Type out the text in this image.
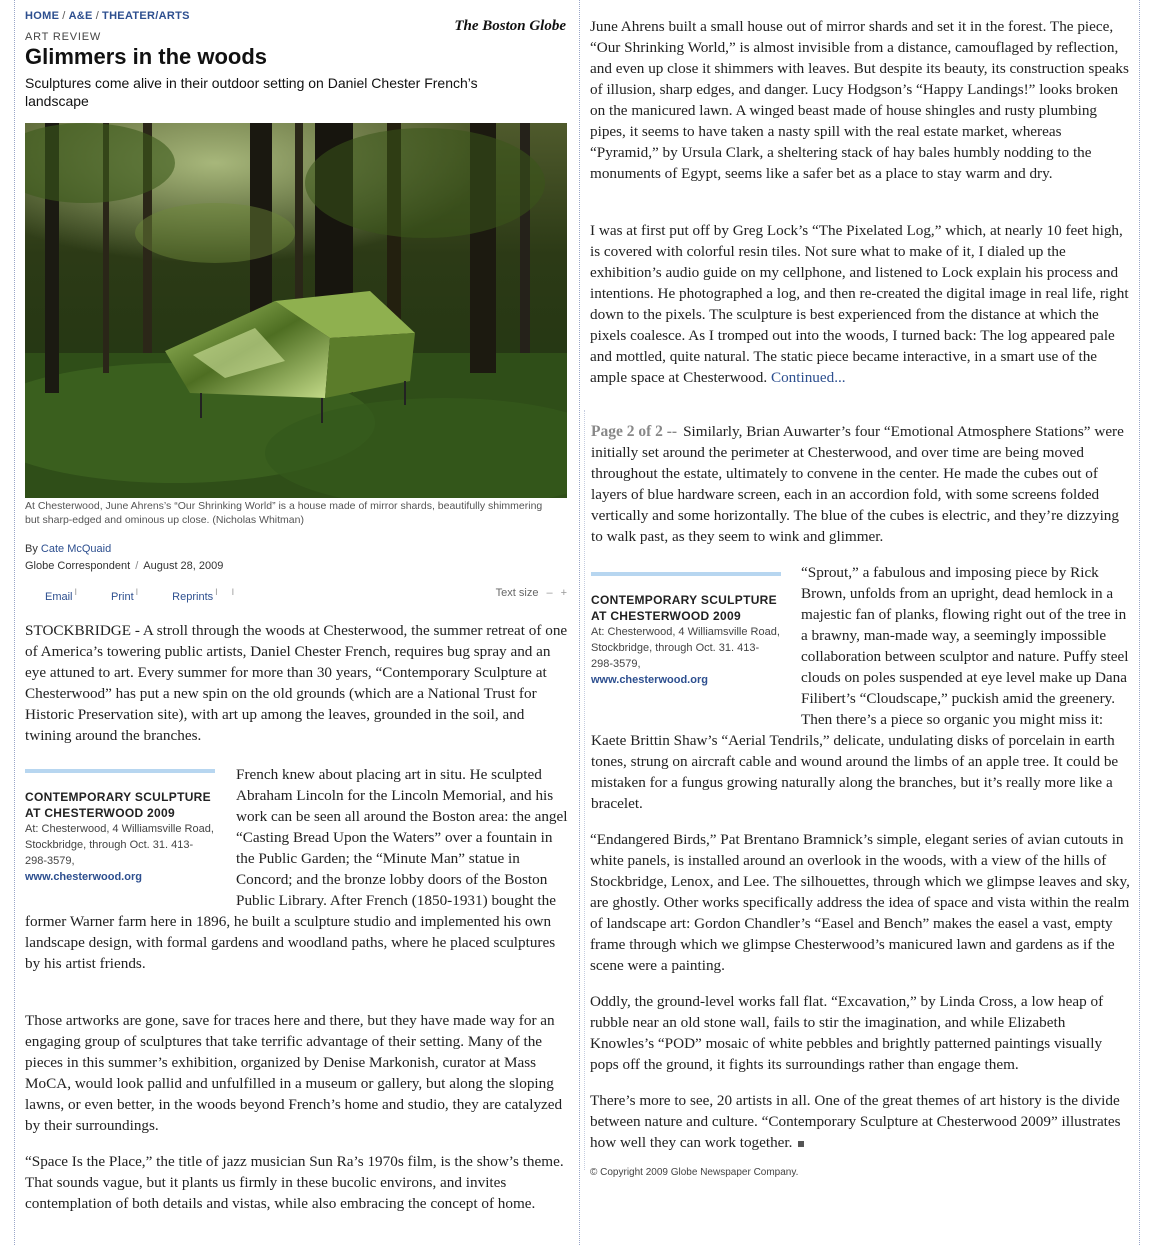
HOME / A&E / THEATER/ARTS
The Boston Globe
ART REVIEW
Glimmers in the woods
Sculptures come alive in their outdoor setting on Daniel Chester French’s landscape
At Chesterwood, June Ahrens’s “Our Shrinking World” is a house made of mirror shards, beautifully shimmering but sharp-edged and ominous up close. (Nicholas Whitman)
By Cate McQuaid
Globe Correspondent / August 28, 2009
Email $^I$	Print $^I$	Reprints $^I$ $^I$	Text size – +

STOCKBRIDGE - A stroll through the woods at Chesterwood, the summer retreat of one of America’s towering public artists, Daniel Chester French, requires bug spray and an eye attuned to art. Every summer for more than 30 years, “Contemporary Sculpture at Chesterwood” has put a new spin on the old grounds (which are a National Trust for Historic Preservation site), with art up among the leaves, grounded in the soil, and twining around the branches.

French knew about placing art in situ. He sculpted Abraham Lincoln for the Lincoln Memorial, and his work can be seen all around the Boston area: the angel “Casting Bread Upon the Waters” over a fountain in the Public Garden; the “Minute Man” statue in Concord; and the bronze lobby doors of the Boston Public Library. After French (1850-1931) bought the former Warner farm here in 1896, he built a sculpture studio and implemented his own landscape design, with formal gardens and woodland paths, where he placed sculptures by his artist friends.
CONTEMPORARY SCULPTURE AT CHESTERWOOD 2009
At: Chesterwood, 4 Williamsville Road, Stockbridge, through Oct. 31. 413-298-3579,
www.chesterwood.org

Those artworks are gone, save for traces here and there, but they have made way for an engaging group of sculptures that take terrific advantage of their setting. Many of the pieces in this summer’s exhibition, organized by Denise Markonish, curator at Mass MoCA, would look pallid and unfulfilled in a museum or gallery, but along the sloping lawns, or even better, in the woods beyond French’s home and studio, they are catalyzed by their surroundings.

“Space Is the Place,” the title of jazz musician Sun Ra’s 1970s film, is the show’s theme. That sounds vague, but it plants us firmly in these bucolic environs, and invites contemplation of both details and vistas, while also embracing the concept of home.

June Ahrens built a small house out of mirror shards and set it in the forest. The piece, “Our Shrinking World,” is almost invisible from a distance, camouflaged by reflection, and even up close it shimmers with leaves. But despite its beauty, its construction speaks of illusion, sharp edges, and danger. Lucy Hodgson’s “Happy Landings!” looks broken on the manicured lawn. A winged beast made of house shingles and rusty plumbing pipes, it seems to have taken a nasty spill with the real estate market, whereas “Pyramid,” by Ursula Clark, a sheltering stack of hay bales humbly nodding to the monuments of Egypt, seems like a safer bet as a place to stay warm and dry.

I was at first put off by Greg Lock’s “The Pixelated Log,” which, at nearly 10 feet high, is covered with colorful resin tiles. Not sure what to make of it, I dialed up the exhibition’s audio guide on my cellphone, and listened to Lock explain his process and intentions. He photographed a log, and then re-created the digital image in real life, right down to the pixels. The sculpture is best experienced from the distance at which the pixels coalesce. As I tromped out into the woods, I turned back: The log appeared pale and mottled, quite natural. The static piece became interactive, in a smart use of the ample space at Chesterwood. Continued...

Page 2 of 2 -- Similarly, Brian Auwarter’s four “Emotional Atmosphere Stations” were initially set around the perimeter at Chesterwood, and over time are being moved throughout the estate, ultimately to convene in the center. He made the cubes out of layers of blue hardware screen, each in an accordion fold, with some screens folded vertically and some horizontally. The blue of the cubes is electric, and they’re dizzying to walk past, as they seem to wink and glimmer.

“Sprout,” a fabulous and imposing piece by Rick Brown, unfolds from an upright, dead hemlock in a majestic fan of planks, flowing right out of the tree in a brawny, man-made way, a seemingly impossible collaboration between sculptor and nature. Puffy steel clouds on poles suspended at eye level make up Dana Filibert’s “Cloudscape,” puckish amid the greenery. Then there’s a piece so organic you might miss it: Kaete Brittin Shaw’s “Aerial Tendrils,” delicate, undulating disks of porcelain in earth tones, strung on aircraft cable and wound around the limbs of an apple tree. It could be mistaken for a fungus growing naturally along the branches, but it’s really more like a bracelet.
CONTEMPORARY SCULPTURE AT CHESTERWOOD 2009
At: Chesterwood, 4 Williamsville Road, Stockbridge, through Oct. 31. 413-298-3579,
www.chesterwood.org

“Endangered Birds,” Pat Brentano Bramnick’s simple, elegant series of avian cutouts in white panels, is installed around an overlook in the woods, with a view of the hills of Stockbridge, Lenox, and Lee. The silhouettes, through which we glimpse leaves and sky, are ghostly. Other works specifically address the idea of space and vista within the realm of landscape art: Gordon Chandler’s “Easel and Bench” makes the easel a vast, empty frame through which we glimpse Chesterwood’s manicured lawn and gardens as if the scene were a painting.

Oddly, the ground-level works fall flat. “Excavation,” by Linda Cross, a low heap of rubble near an old stone wall, fails to stir the imagination, and while Elizabeth Knowles’s “POD” mosaic of white pebbles and brightly patterned paintings visually pops off the ground, it fights its surroundings rather than engage them.

There’s more to see, 20 artists in all. One of the great themes of art history is the divide between nature and culture. “Contemporary Sculpture at Chesterwood 2009” illustrates how well they can work together.

© Copyright 2009 Globe Newspaper Company.
